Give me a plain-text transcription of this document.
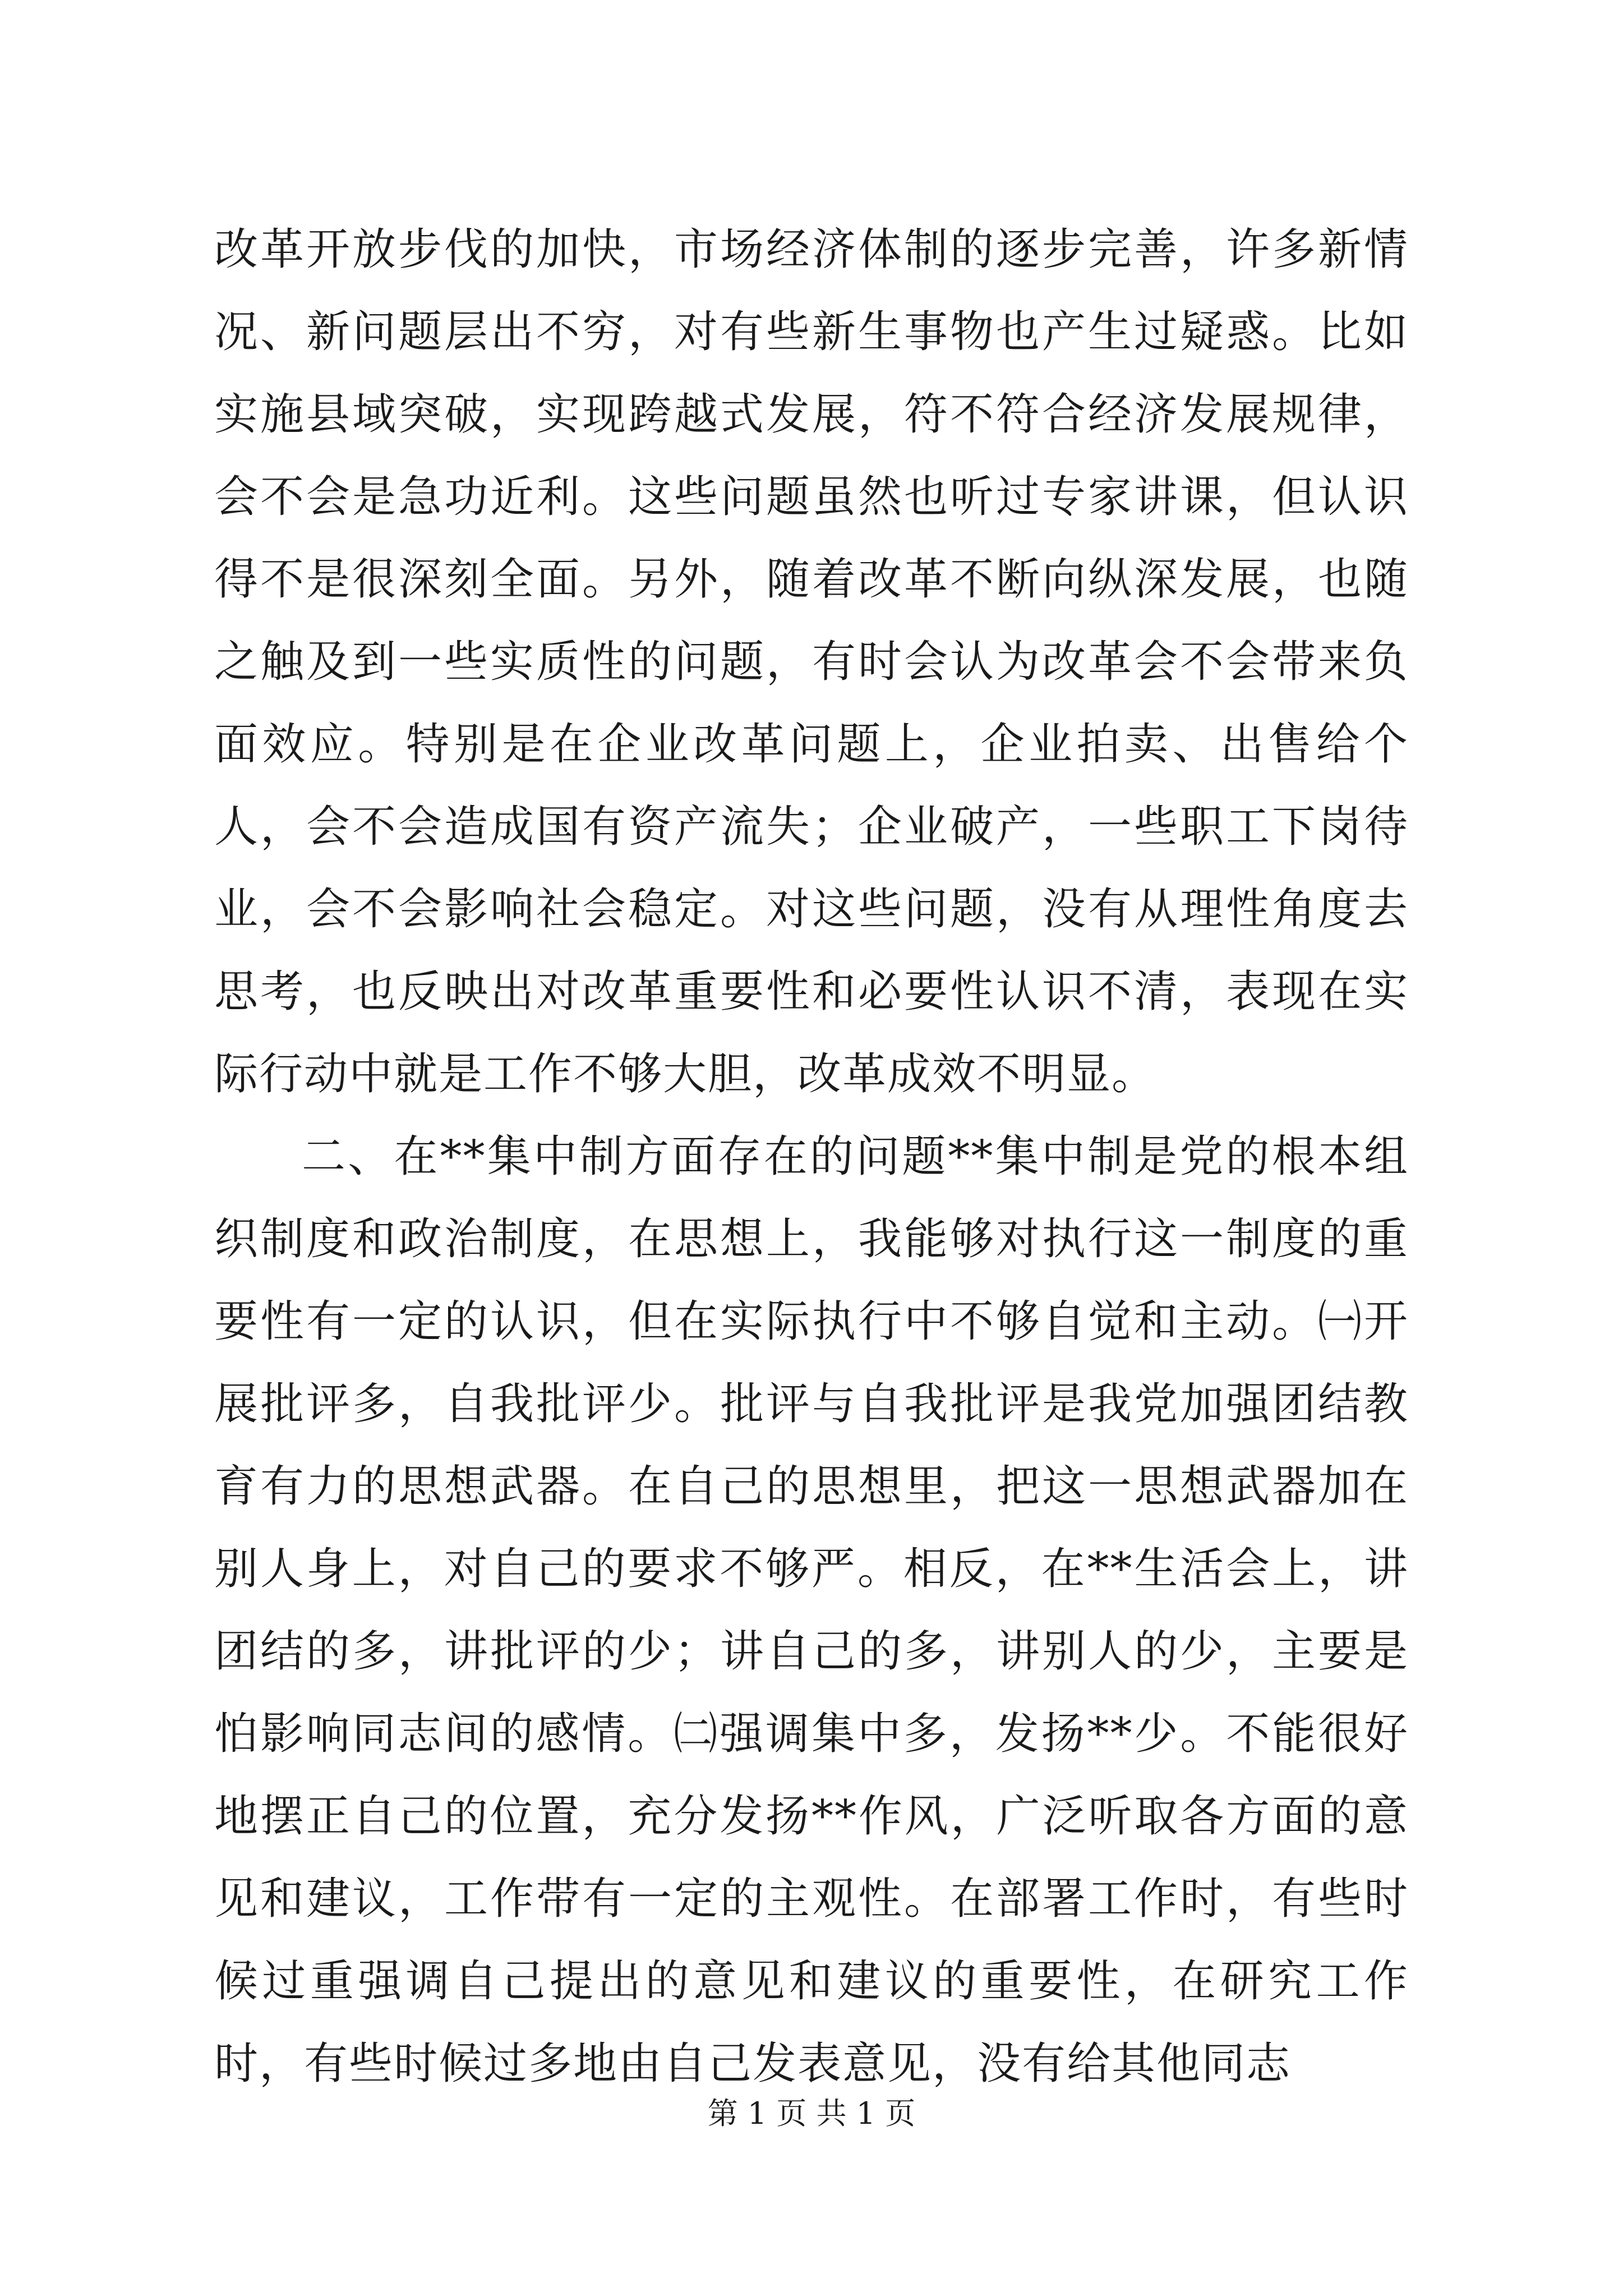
改革开放步伐的加快，市场经济体制的逐步完善，许多新情况、新问题层出不穷，对有些新生事物也产生过疑惑。比如实施县域突破，实现跨越式发展，符不符合经济发展规律，会不会是急功近利。这些问题虽然也听过专家讲课，但认识得不是很深刻全面。另外，随着改革不断向纵深发展，也随之触及到一些实质性的问题，有时会认为改革会不会带来负面效应。特别是在企业改革问题上，企业拍卖、出售给个人，会不会造成国有资产流失；企业破产，一些职工下岗待业，会不会影响社会稳定。对这些问题，没有从理性角度去思考，也反映出对改革重要性和必要性认识不清，表现在实际行动中就是工作不够大胆，改革成效不明显。

二、在**集中制方面存在的问题**集中制是党的根本组织制度和政治制度，在思想上，我能够对执行这一制度的重要性有一定的认识，但在实际执行中不够自觉和主动。㈠开展批评多，自我批评少。批评与自我批评是我党加强团结教育有力的思想武器。在自己的思想里，把这一思想武器加在别人身上，对自己的要求不够严。相反，在**生活会上，讲团结的多，讲批评的少；讲自己的多，讲别人的少，主要是怕影响同志间的感情。㈡强调集中多，发扬**少。不能很好地摆正自己的位置，充分发扬**作风，广泛听取各方面的意见和建议，工作带有一定的主观性。在部署工作时，有些时候过重强调自己提出的意见和建议的重要性，在研究工作时，有些时候过多地由自己发表意见，没有给其他同志

第 1 页 共 1 页
